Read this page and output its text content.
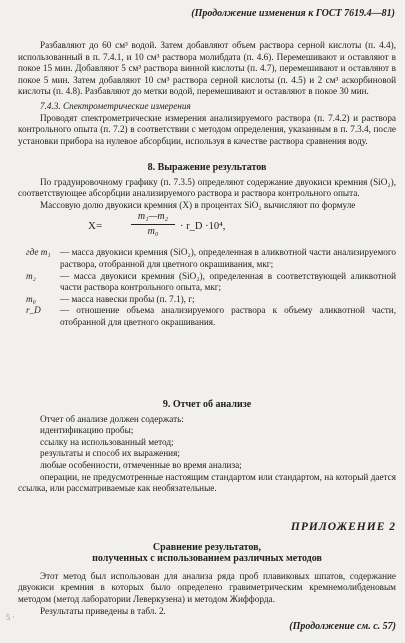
(Продолжение изменения к ГОСТ 7619.4—81)

Разбавляют до 60 см³ водой. Затем добавляют объем раствора серной кислоты (п. 4.4), использованный в п. 7.4.1, и 10 см³ раствора молибдата (п. 4.6). Перемешивают и оставляют в покое 15 мин. Добавляют 5 см³ раствора винной кислоты (п. 4.7), перемешивают и оставляют в покое 5 мин. Затем добавляют 10 см³ раствора серной кислоты (п. 4.5) и 2 см³ аскорбиновой кислоты (п. 4.8). Разбавляют до метки водой, перемешивают и оставляют в покое 30 мин.

7.4.3. Спектрометрические измерения

Проводят спектрометрические измерения анализируемого раствора (п. 7.4.2) и раствора контрольного опыта (п. 7.2) в соответствии с методом определения, указанным в п. 7.3.4, после установки прибора на нулевое абсорбции, используя в качестве раствора сравнения воду.

8. Выражение результатов

По градуировочному графику (п. 7.3.5) определяют содержание двуокиси кремния (SiO₂), соответствующее абсорбции анализируемого раствора и раствора контрольного опыта.

Массовую долю двуокиси кремния (X) в процентах SiO₂ вычисляют по формуле

X=	$\frac{\text{m₁—m₂}}{\text{m₀}}$ · r_D ·10⁴,
где m₁	— масса двуокиси кремния (SiO₂), определенная в аликвотной части анализируемого раствора, отобранной для цветного окрашивания, мкг;
m₂	— масса двуокиси кремния (SiO₂), определенная в соответствующей аликвотной части раствора контрольного опыта, мкг;
m₀	— масса навески пробы (п. 7.1), г;
r_D	— отношение объема анализируемого раствора к объему аликвотной части, отобранной для цветного окрашивания.
9. Отчет об анализе

Отчет об анализе должен содержать:

идентификацию пробы;

ссылку на использованный метод;

результаты и способ их выражения;

любые особенности, отмеченные во время анализа;

операции, не предусмотренные настоящим стандартом или стандартом, на который дается ссылка, или рассматриваемые как необязательные.

ПРИЛОЖЕНИЕ 2
Сравнение результатов,
полученных с использованием различных методов

Этот метод был использован для анализа ряда проб плавиковых шпатов, содержание двуокиси кремния в которых было определено гравиметрическим кремнемолибденовым методом (метод лаборатории Леверкузена) и методом Жиффорда.

Результаты приведены в табл. 2.

(Продолжение см. с. 57)
5 ·
